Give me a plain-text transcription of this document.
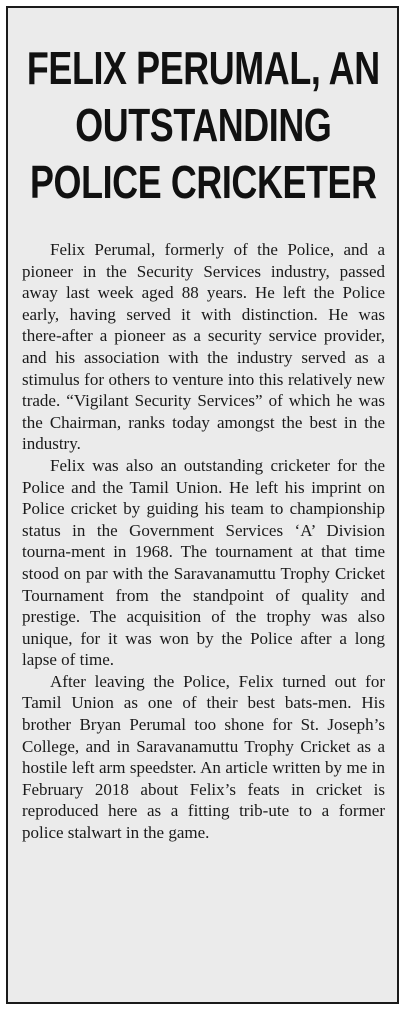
FELIX PERUMAL, AN OUTSTANDING POLICE CRICKETER

Felix Perumal, formerly of the Police, and a pioneer in the Security Services industry, passed away last week aged 88 years. He left the Police early, having served it with distinction. He was there-after a pioneer as a security service provider, and his association with the industry served as a stimulus for others to venture into this relatively new trade. “Vigilant Security Services” of which he was the Chairman, ranks today amongst the best in the industry.

Felix was also an outstanding cricketer for the Police and the Tamil Union. He left his imprint on Police cricket by guiding his team to championship status in the Government Services ‘A’ Division tourna-ment in 1968. The tournament at that time stood on par with the Saravanamuttu Trophy Cricket Tournament from the standpoint of quality and prestige. The acquisition of the trophy was also unique, for it was won by the Police after a long lapse of time.

After leaving the Police, Felix turned out for Tamil Union as one of their best bats-men. His brother Bryan Perumal too shone for St. Joseph’s College, and in Saravanamuttu Trophy Cricket as a hostile left arm speedster. An article written by me in February 2018 about Felix’s feats in cricket is reproduced here as a fitting trib-ute to a former police stalwart in the game.
